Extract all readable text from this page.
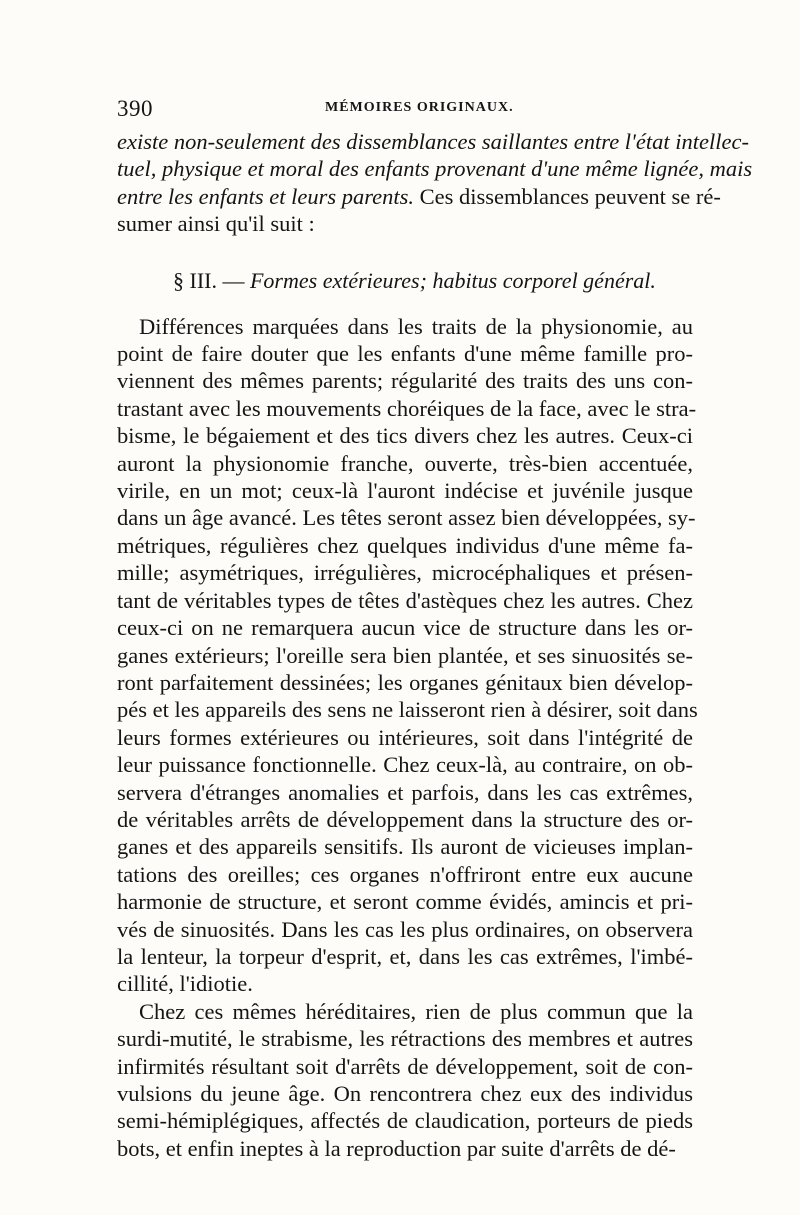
390	MÉMOIRES ORIGINAUX.
existe non-seulement des dissemblances saillantes entre l'état intellec-
tuel, physique et moral des enfants provenant d'une même lignée, mais
entre les enfants et leurs parents. Ces dissemblances peuvent se ré-
sumer ainsi qu'il suit :
§ III. — Formes extérieures; habitus corporel général.
Différences marquées dans les traits de la physionomie, au
point de faire douter que les enfants d'une même famille pro-
viennent des mêmes parents; régularité des traits des uns con-
trastant avec les mouvements choréiques de la face, avec le stra-
bisme, le bégaiement et des tics divers chez les autres. Ceux-ci
auront la physionomie franche, ouverte, très-bien accentuée,
virile, en un mot; ceux-là l'auront indécise et juvénile jusque
dans un âge avancé. Les têtes seront assez bien développées, sy-
métriques, régulières chez quelques individus d'une même fa-
mille; asymétriques, irrégulières, microcéphaliques et présen-
tant de véritables types de têtes d'astèques chez les autres. Chez
ceux-ci on ne remarquera aucun vice de structure dans les or-
ganes extérieurs; l'oreille sera bien plantée, et ses sinuosités se-
ront parfaitement dessinées; les organes génitaux bien dévelop-
pés et les appareils des sens ne laisseront rien à désirer, soit dans
leurs formes extérieures ou intérieures, soit dans l'intégrité de
leur puissance fonctionnelle. Chez ceux-là, au contraire, on ob-
servera d'étranges anomalies et parfois, dans les cas extrêmes,
de véritables arrêts de développement dans la structure des or-
ganes et des appareils sensitifs. Ils auront de vicieuses implan-
tations des oreilles; ces organes n'offriront entre eux aucune
harmonie de structure, et seront comme évidés, amincis et pri-
vés de sinuosités. Dans les cas les plus ordinaires, on observera
la lenteur, la torpeur d'esprit, et, dans les cas extrêmes, l'imbé-
cillité, l'idiotie.
Chez ces mêmes héréditaires, rien de plus commun que la
surdi-mutité, le strabisme, les rétractions des membres et autres
infirmités résultant soit d'arrêts de développement, soit de con-
vulsions du jeune âge. On rencontrera chez eux des individus
semi-hémiplégiques, affectés de claudication, porteurs de pieds
bots, et enfin ineptes à la reproduction par suite d'arrêts de dé-
